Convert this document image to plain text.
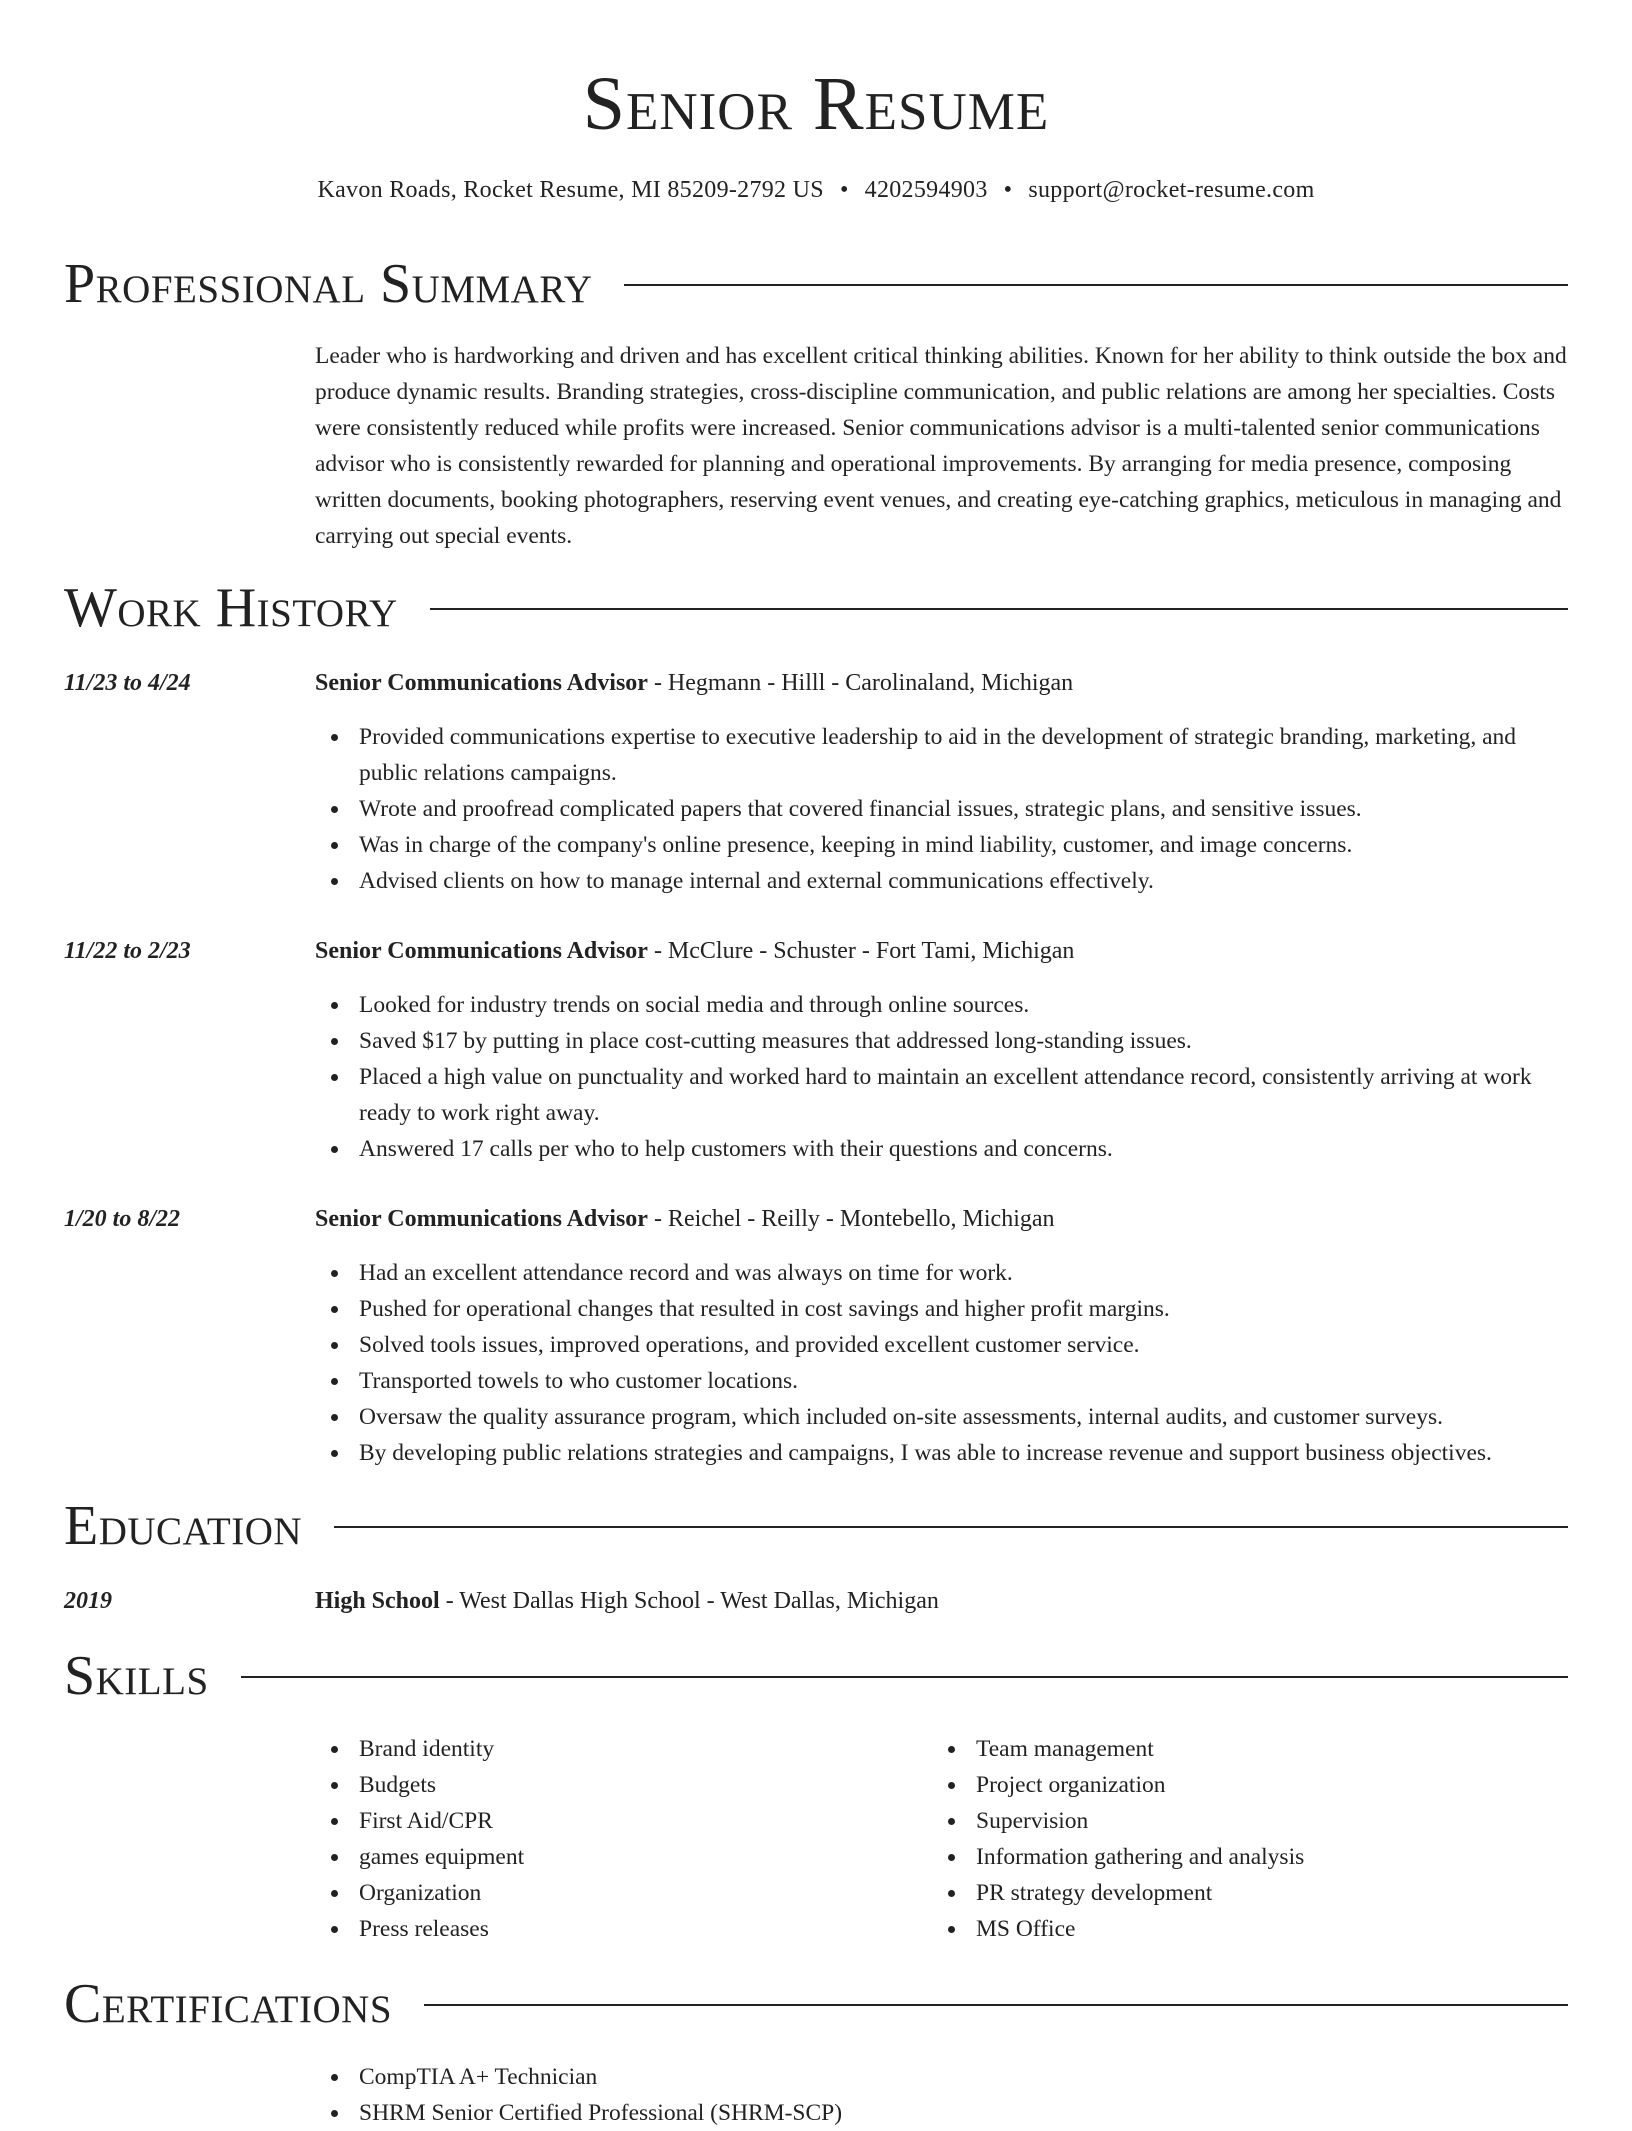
Senior Resume
Kavon Roads, Rocket Resume, MI 85209-2792 US • 4202594903 • support@rocket-resume.com
Professional Summary

Leader who is hardworking and driven and has excellent critical thinking abilities. Known for her ability to think outside the box and produce dynamic results. Branding strategies, cross-discipline communication, and public relations are among her specialties. Costs were consistently reduced while profits were increased. Senior communications advisor is a multi-talented senior communications advisor who is consistently rewarded for planning and operational improvements. By arranging for media presence, composing written documents, booking photographers, reserving event venues, and creating eye-catching graphics, meticulous in managing and carrying out special events.

Work History
11/23 to 4/24	Senior Communications Advisor - Hegmann - Hilll - Carolinaland, Michigan
Provided communications expertise to executive leadership to aid in the development of strategic branding, marketing, and public relations campaigns.
Wrote and proofread complicated papers that covered financial issues, strategic plans, and sensitive issues.
Was in charge of the company's online presence, keeping in mind liability, customer, and image concerns.
Advised clients on how to manage internal and external communications effectively.
11/22 to 2/23	Senior Communications Advisor - McClure - Schuster - Fort Tami, Michigan
Looked for industry trends on social media and through online sources.
Saved $17 by putting in place cost-cutting measures that addressed long-standing issues.
Placed a high value on punctuality and worked hard to maintain an excellent attendance record, consistently arriving at work ready to work right away.
Answered 17 calls per who to help customers with their questions and concerns.
1/20 to 8/22	Senior Communications Advisor - Reichel - Reilly - Montebello, Michigan
Had an excellent attendance record and was always on time for work.
Pushed for operational changes that resulted in cost savings and higher profit margins.
Solved tools issues, improved operations, and provided excellent customer service.
Transported towels to who customer locations.
Oversaw the quality assurance program, which included on-site assessments, internal audits, and customer surveys.
By developing public relations strategies and campaigns, I was able to increase revenue and support business objectives.
Education
2019	High School - West Dallas High School - West Dallas, Michigan
Skills
Brand identity
Budgets
First Aid/CPR
games equipment
Organization
Press releases
Team management
Project organization
Supervision
Information gathering and analysis
PR strategy development
MS Office
Certifications
CompTIA A+ Technician
SHRM Senior Certified Professional (SHRM-SCP)
